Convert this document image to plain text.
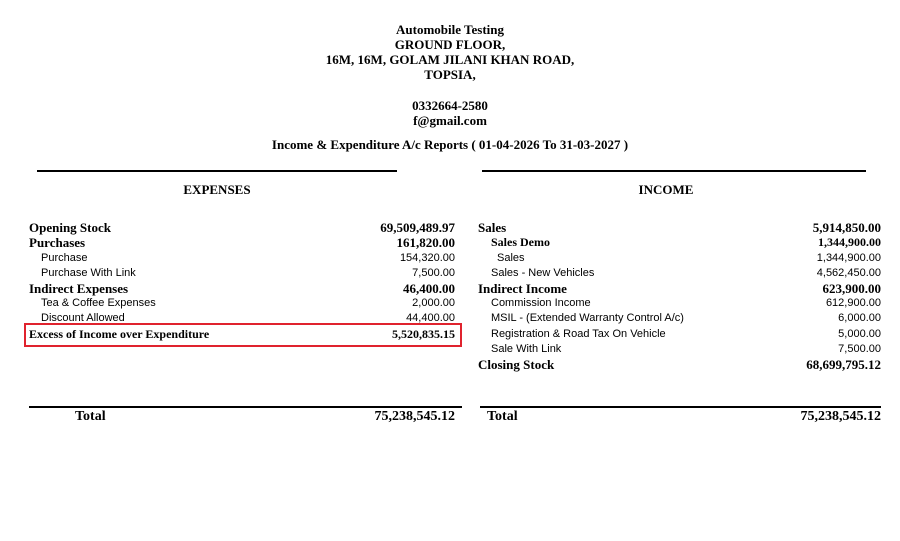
Automobile Testing
GROUND FLOOR,
16M, 16M, GOLAM JILANI KHAN ROAD,
TOPSIA,
0332664-2580
f@gmail.com
Income & Expenditure A/c Reports ( 01-04-2026 To 31-03-2027 )
EXPENSES	INCOME
Opening Stock	69,509,489.97
Purchases	161,820.00
Purchase	154,320.00
Purchase With Link	7,500.00
Indirect Expenses	46,400.00
Tea & Coffee Expenses	2,000.00
Discount Allowed	44,400.00
Excess of Income over Expenditure	5,520,835.15
Sales	5,914,850.00
Sales Demo	1,344,900.00
Sales	1,344,900.00
Sales - New Vehicles	4,562,450.00
Indirect Income	623,900.00
Commission Income	612,900.00
MSIL - (Extended Warranty Control A/c)	6,000.00
Registration & Road Tax On Vehicle	5,000.00
Sale With Link	7,500.00
Closing Stock	68,699,795.12
Total	75,238,545.12 Total	75,238,545.12
